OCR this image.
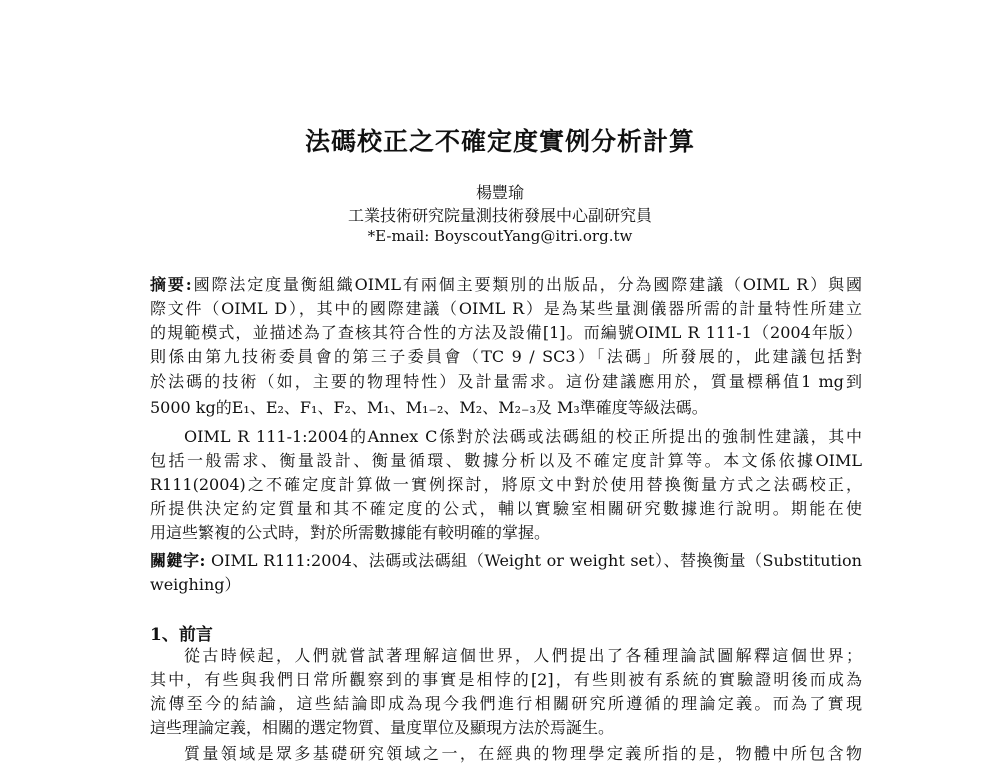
法碼校正之不確定度實例分析計算
楊豐瑜
工業技術研究院量測技術發展中心副研究員
*E-mail: BoyscoutYang@itri.org.tw
摘要:國際法定度量衡組織OIML有兩個主要類別的出版品，分為國際建議（OIML R）與國
際文件（OIML D），其中的國際建議（OIML R）是為某些量測儀器所需的計量特性所建立
的規範模式，並描述為了查核其符合性的方法及設備[1]。而編號OIML R 111-1（2004年版）
則係由第九技術委員會的第三子委員會（TC 9 / SC3）「法碼」所發展的，此建議包括對
於法碼的技術（如，主要的物理特性）及計量需求。這份建議應用於，質量標稱值1 mg到
5000 kg的E₁、E₂、F₁、F₂、M₁、M₁₋₂、M₂、M₂₋₃及 M₃準確度等級法碼。
OIML R 111-1:2004的Annex C係對於法碼或法碼組的校正所提出的強制性建議，其中
包括一般需求、衡量設計、衡量循環、數據分析以及不確定度計算等。本文係依據OIML
R111(2004)之不確定度計算做一實例探討，將原文中對於使用替換衡量方式之法碼校正，
所提供決定約定質量和其不確定度的公式，輔以實驗室相關研究數據進行說明。期能在使
用這些繁複的公式時，對於所需數據能有較明確的掌握。
關鍵字: OIML R111:2004、法碼或法碼組（Weight or weight set）、替換衡量（Substitution
weighing）
1、前言
從古時候起，人們就嘗試著理解這個世界，人們提出了各種理論試圖解釋這個世界；
其中，有些與我們日常所觀察到的事實是相悖的[2]，有些則被有系統的實驗證明後而成為
流傳至今的結論，這些結論即成為現今我們進行相關研究所遵循的理論定義。而為了實現
這些理論定義，相關的選定物質、量度單位及顯現方法於焉誕生。
質量領域是眾多基礎研究領域之一，在經典的物理學定義所指的是，物體中所包含物
